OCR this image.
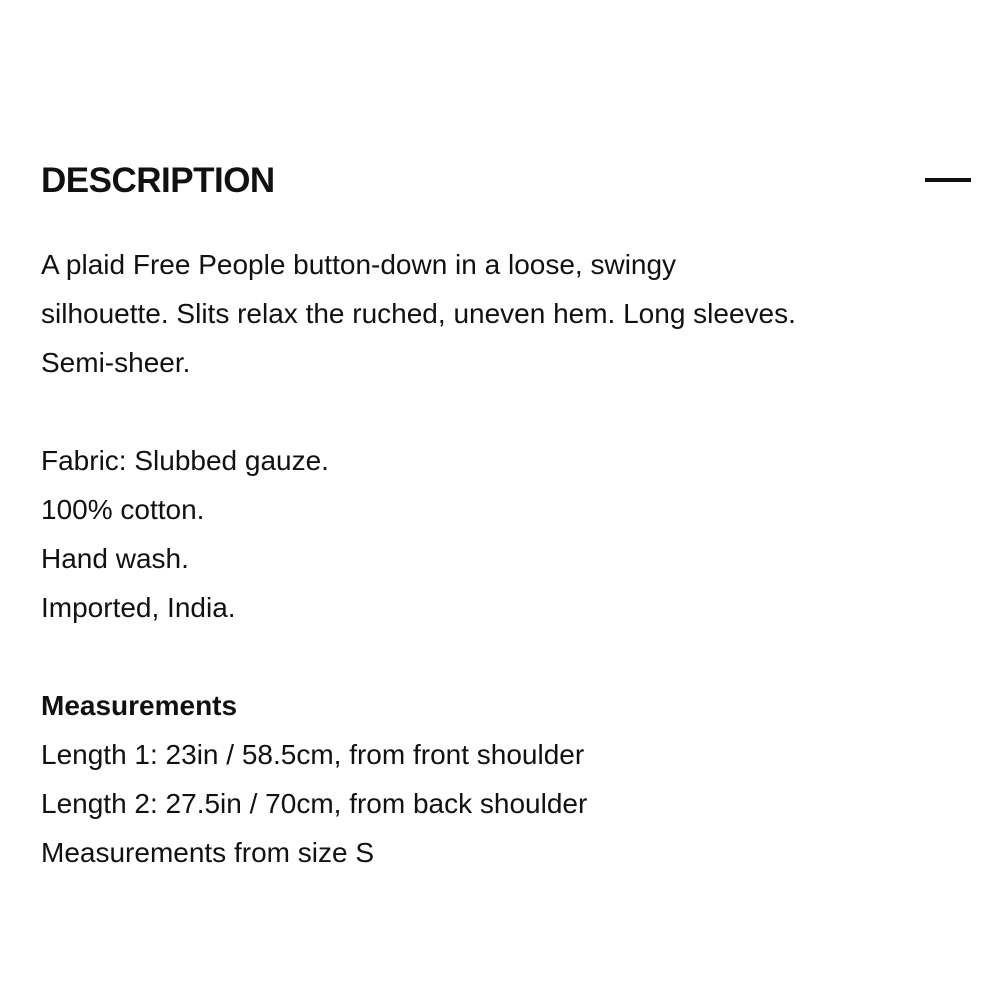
DESCRIPTION

A plaid Free People button-down in a loose, swingy

silhouette. Slits relax the ruched, uneven hem. Long sleeves.

Semi-sheer.

Fabric: Slubbed gauze.

100% cotton.

Hand wash.

Imported, India.

Measurements

Length 1: 23in / 58.5cm, from front shoulder

Length 2: 27.5in / 70cm, from back shoulder

Measurements from size S
